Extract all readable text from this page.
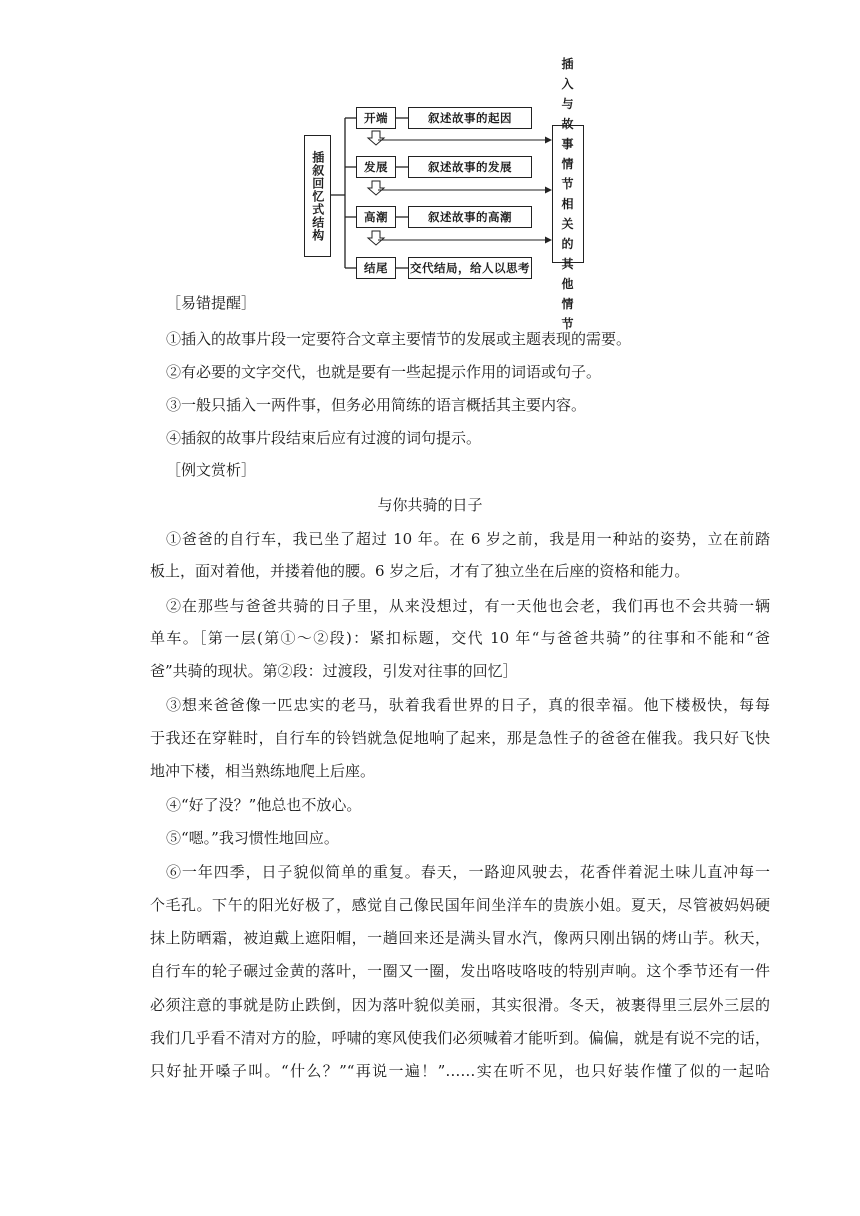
插叙回忆式结构
开端	叙述故事的起因
发展	叙述故事的发展
高潮	叙述故事的高潮
结尾 交代结局，给人以思考
插入与故事情节相关的其他情节
［易错提醒］
①插入的故事片段一定要符合文章主要情节的发展或主题表现的需要。
②有必要的文字交代，也就是要有一些起提示作用的词语或句子。
③一般只插入一两件事，但务必用简练的语言概括其主要内容。
④插叙的故事片段结束后应有过渡的词句提示。
［例文赏析］
与你共骑的日子
①爸爸的自行车，我已坐了超过 10 年。在 6 岁之前，我是用一种站的姿势，立在前踏
板上，面对着他，并搂着他的腰。6 岁之后，才有了独立坐在后座的资格和能力。
②在那些与爸爸共骑的日子里，从来没想过，有一天他也会老，我们再也不会共骑一辆
单车。［第一层(第①～②段)：紧扣标题，交代 10 年“与爸爸共骑”的往事和不能和“爸
爸”共骑的现状。第②段：过渡段，引发对往事的回忆］
③想来爸爸像一匹忠实的老马，驮着我看世界的日子，真的很幸福。他下楼极快，每每
于我还在穿鞋时，自行车的铃铛就急促地响了起来，那是急性子的爸爸在催我。我只好飞快
地冲下楼，相当熟练地爬上后座。
④“好了没？”他总也不放心。
⑤“嗯。”我习惯性地回应。
⑥一年四季，日子貌似简单的重复。春天，一路迎风驶去，花香伴着泥土味儿直冲每一
个毛孔。下午的阳光好极了，感觉自己像民国年间坐洋车的贵族小姐。夏天，尽管被妈妈硬
抹上防晒霜，被迫戴上遮阳帽，一趟回来还是满头冒水汽，像两只刚出锅的烤山芋。秋天，
自行车的轮子碾过金黄的落叶，一圈又一圈，发出咯吱咯吱的特别声响。这个季节还有一件
必须注意的事就是防止跌倒，因为落叶貌似美丽，其实很滑。冬天，被裹得里三层外三层的
我们几乎看不清对方的脸，呼啸的寒风使我们必须喊着才能听到。偏偏，就是有说不完的话，
只好扯开嗓子叫。“什么？”“再说一遍！”……实在听不见，也只好装作懂了似的一起哈
